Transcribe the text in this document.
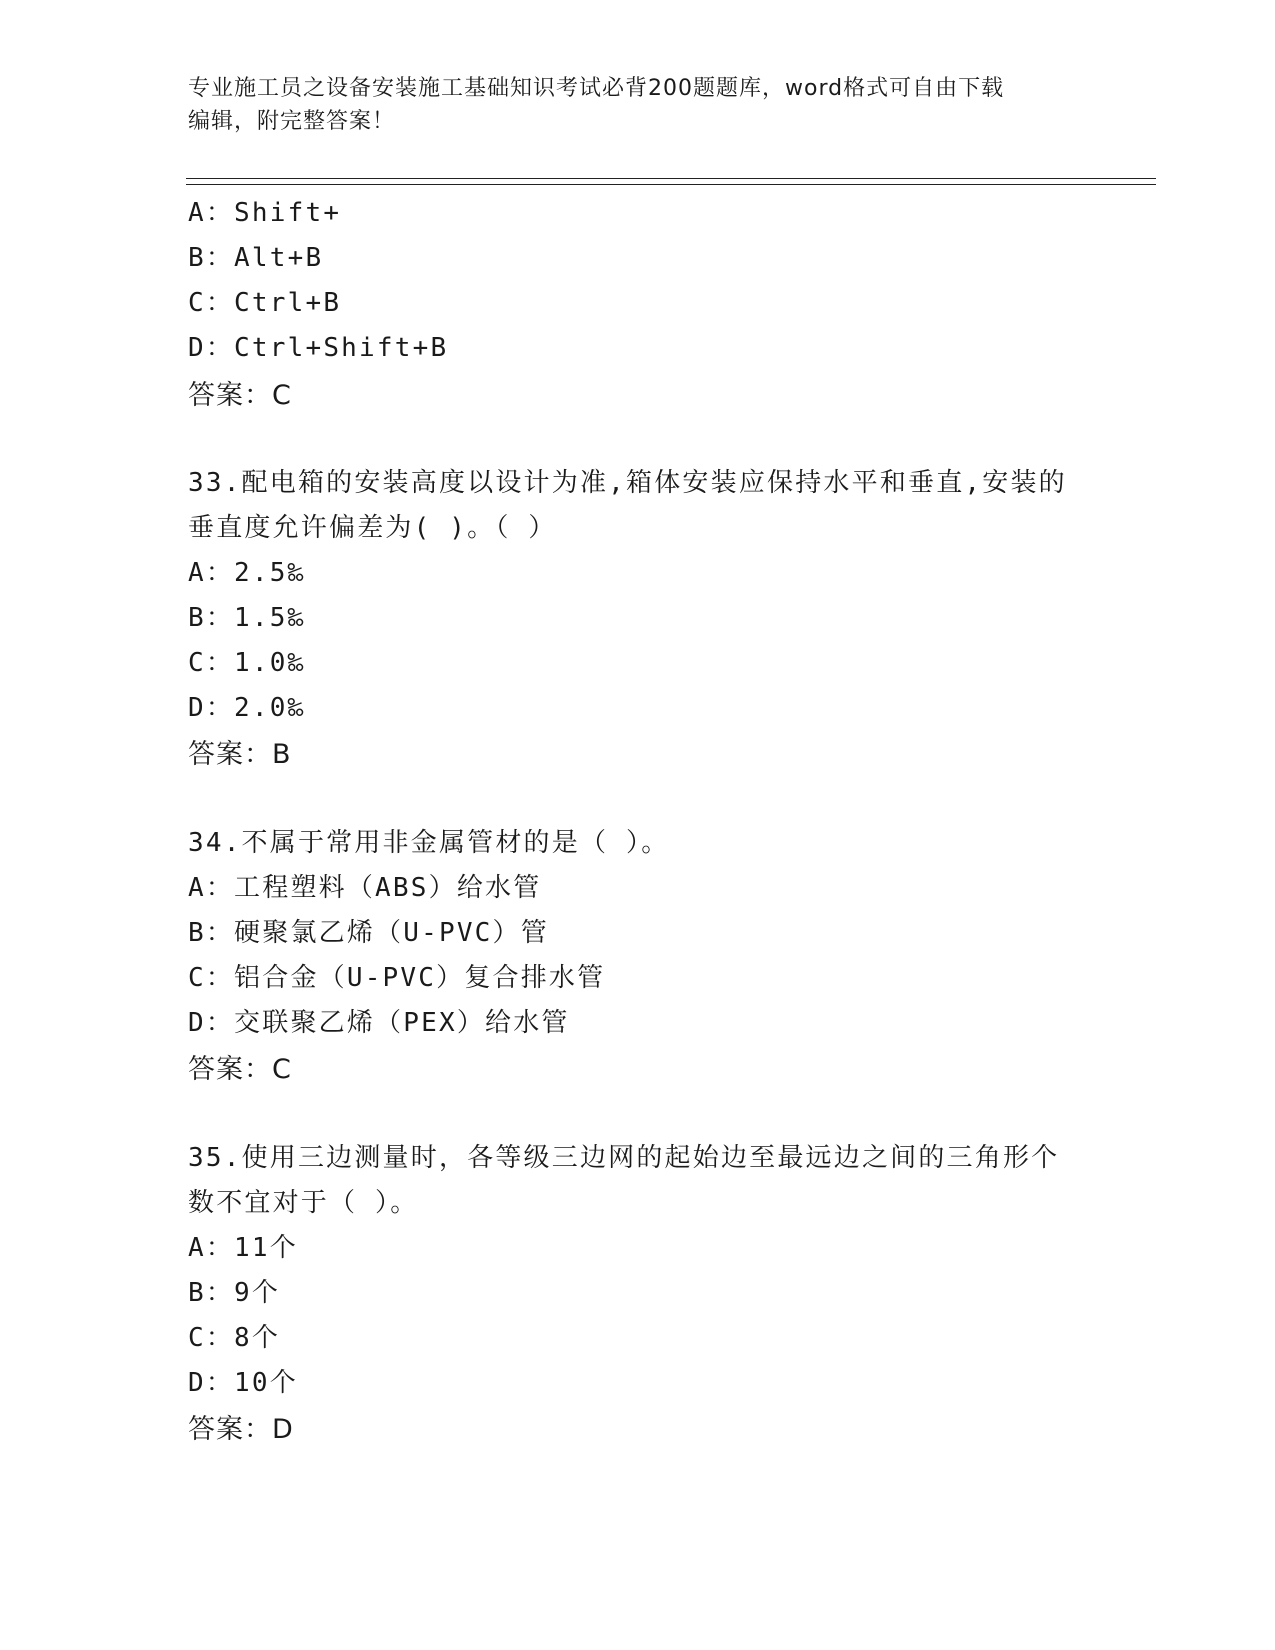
专业施工员之设备安装施工基础知识考试必背200题题库，word格式可自由下载
编辑，附完整答案！
A：Shift+
B：Alt+B
C：Ctrl+B
D：Ctrl+Shift+B
答案：C
33.配电箱的安装高度以设计为准,箱体安装应保持水平和垂直,安装的
垂直度允许偏差为( )。（ ）
A：2.5‰
B：1.5‰
C：1.0‰
D：2.0‰
答案：B
34.不属于常用非金属管材的是（ ）。
A：工程塑料（ABS）给水管
B：硬聚氯乙烯（U-PVC）管
C：铝合金（U-PVC）复合排水管
D：交联聚乙烯（PEX）给水管
答案：C
35.使用三边测量时，各等级三边网的起始边至最远边之间的三角形个
数不宜对于（ ）。
A：11个
B：9个
C：8个
D：10个
答案：D
